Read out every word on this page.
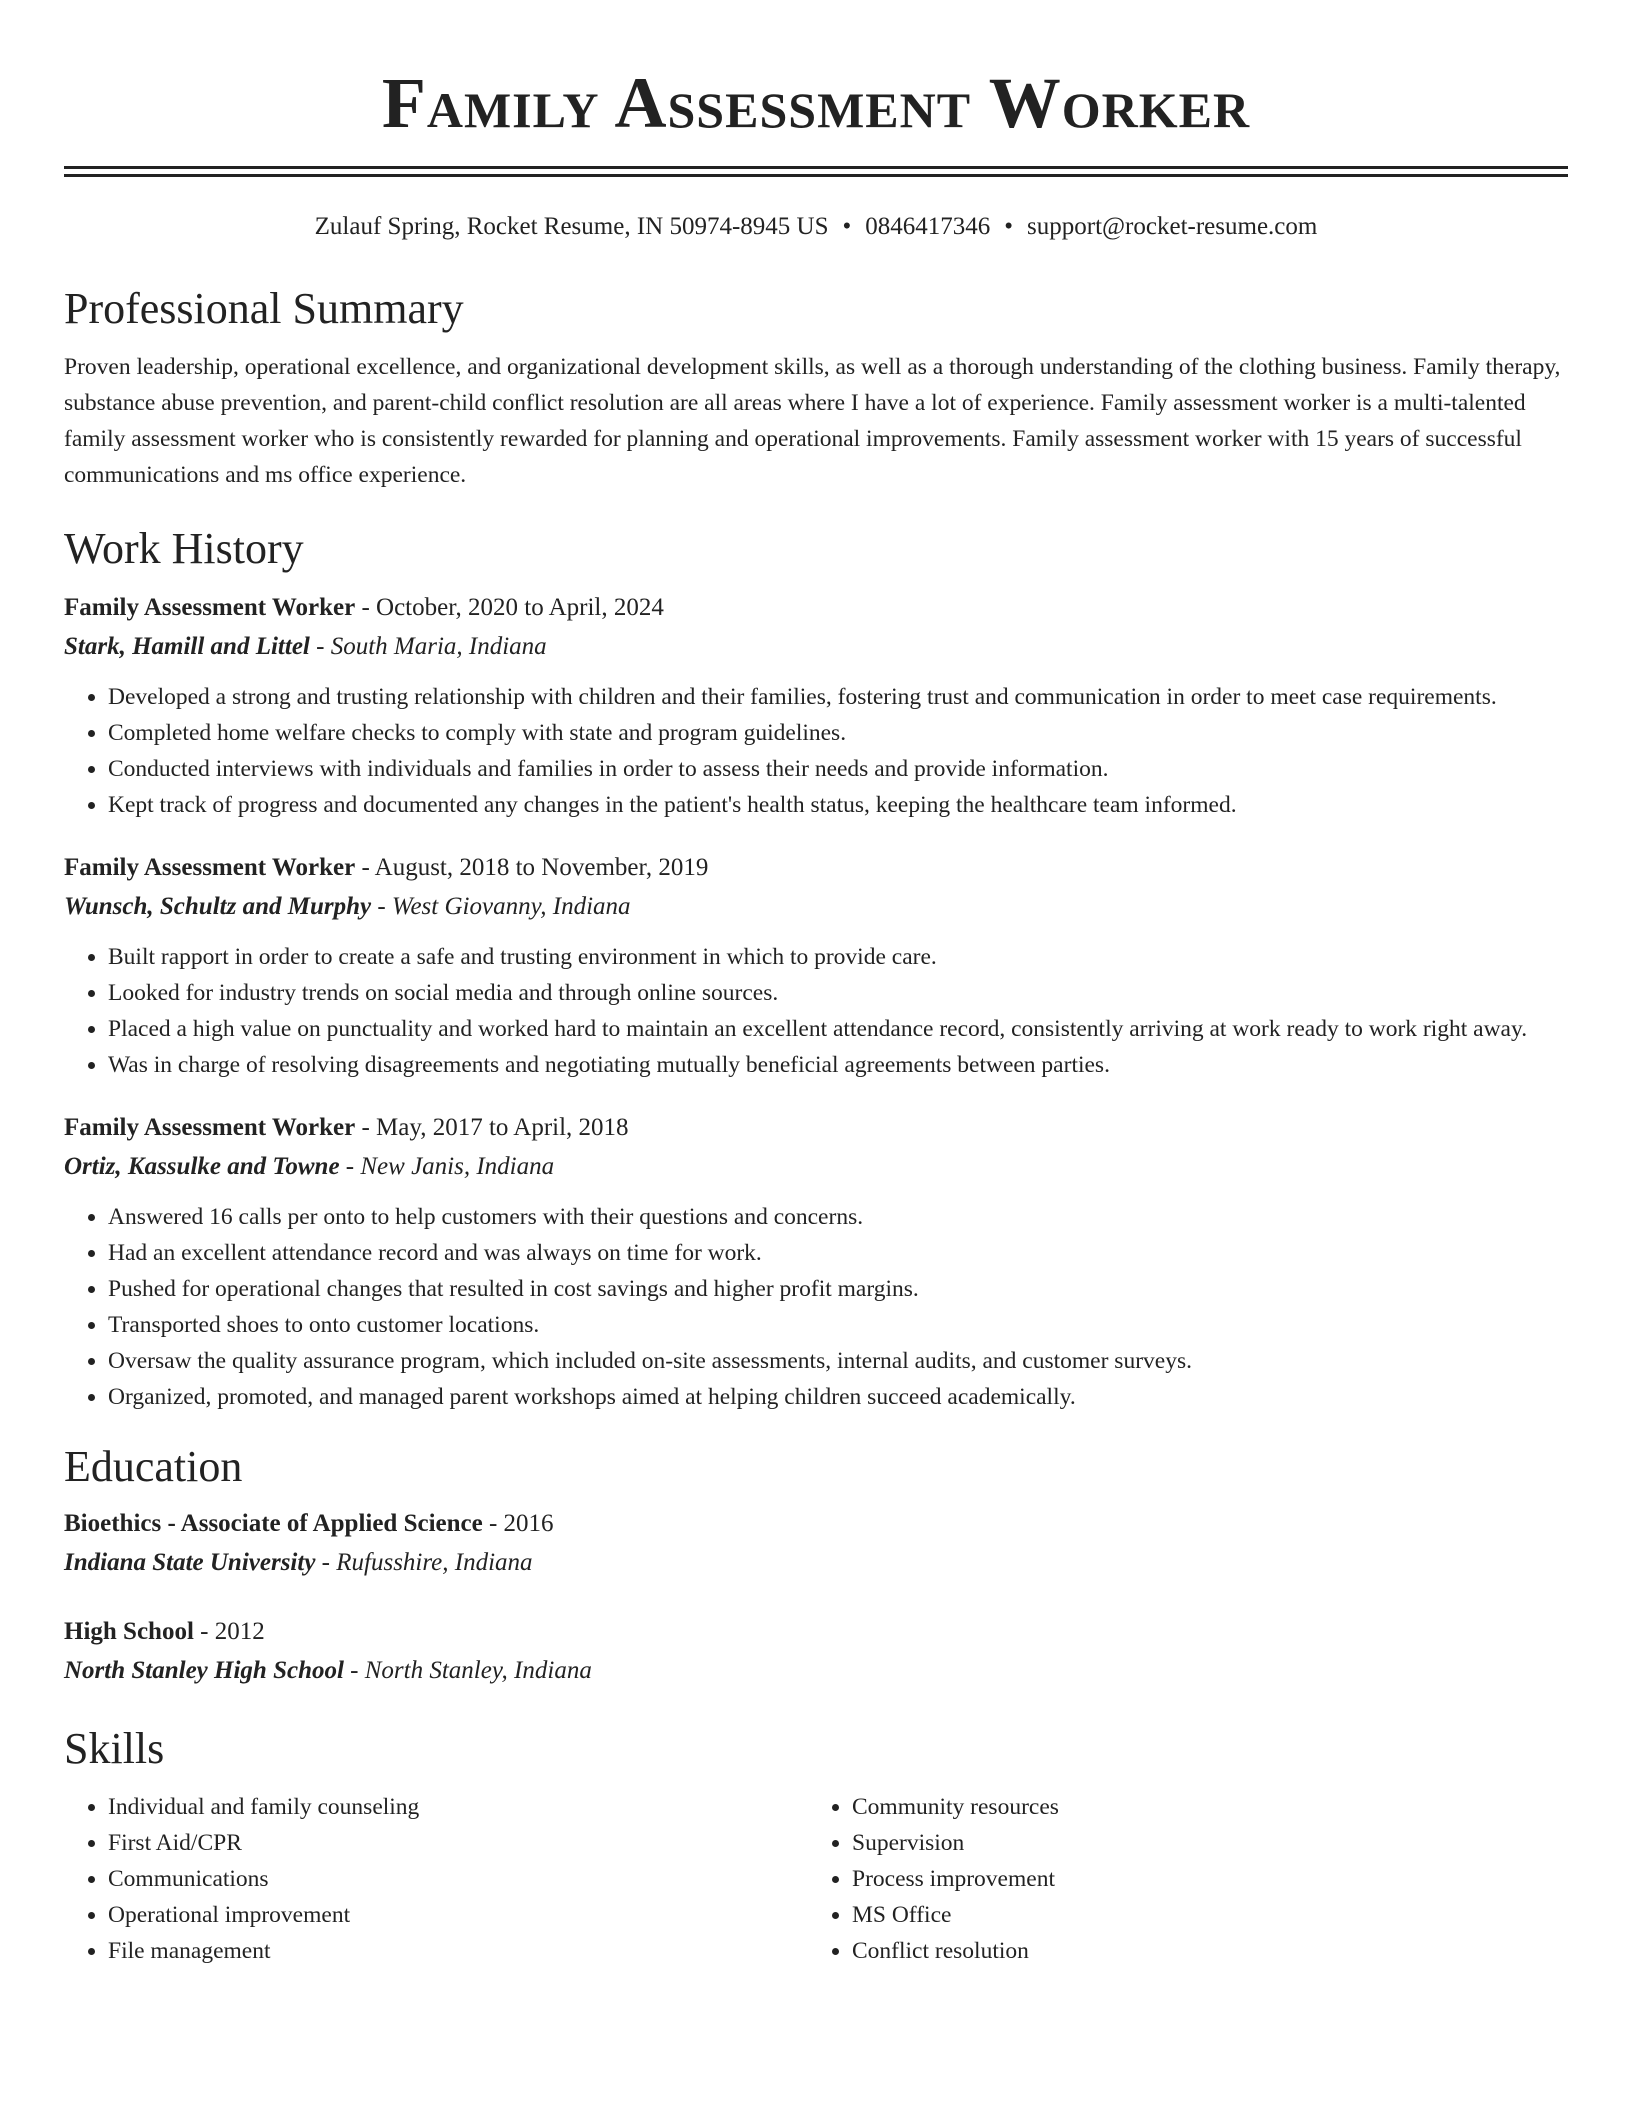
Family Assessment Worker
Zulauf Spring, Rocket Resume, IN 50974-8945 US • 0846417346 • support@rocket-resume.com
Professional Summary

Proven leadership, operational excellence, and organizational development skills, as well as a thorough understanding of the clothing business. Family therapy, substance abuse prevention, and parent-child conflict resolution are all areas where I have a lot of experience. Family assessment worker is a multi-talented family assessment worker who is consistently rewarded for planning and operational improvements. Family assessment worker with 15 years of successful communications and ms office experience.

Work History
Family Assessment Worker - October, 2020 to April, 2024
Stark, Hamill and Littel - South Maria, Indiana
• Developed a strong and trusting relationship with children and their families, fostering trust and communication in order to meet case requirements.
• Completed home welfare checks to comply with state and program guidelines.
• Conducted interviews with individuals and families in order to assess their needs and provide information.
• Kept track of progress and documented any changes in the patient's health status, keeping the healthcare team informed.
Family Assessment Worker - August, 2018 to November, 2019
Wunsch, Schultz and Murphy - West Giovanny, Indiana
• Built rapport in order to create a safe and trusting environment in which to provide care.
• Looked for industry trends on social media and through online sources.
• Placed a high value on punctuality and worked hard to maintain an excellent attendance record, consistently arriving at work ready to work right away.
• Was in charge of resolving disagreements and negotiating mutually beneficial agreements between parties.
Family Assessment Worker - May, 2017 to April, 2018
Ortiz, Kassulke and Towne - New Janis, Indiana
• Answered 16 calls per onto to help customers with their questions and concerns.
• Had an excellent attendance record and was always on time for work.
• Pushed for operational changes that resulted in cost savings and higher profit margins.
• Transported shoes to onto customer locations.
• Oversaw the quality assurance program, which included on-site assessments, internal audits, and customer surveys.
• Organized, promoted, and managed parent workshops aimed at helping children succeed academically.
Education
Bioethics - Associate of Applied Science - 2016
Indiana State University - Rufusshire, Indiana
High School - 2012
North Stanley High School - North Stanley, Indiana
Skills
• Individual and family counseling
• First Aid/CPR
• Communications
• Operational improvement
• File management
• Community resources
• Supervision
• Process improvement
• MS Office
• Conflict resolution
